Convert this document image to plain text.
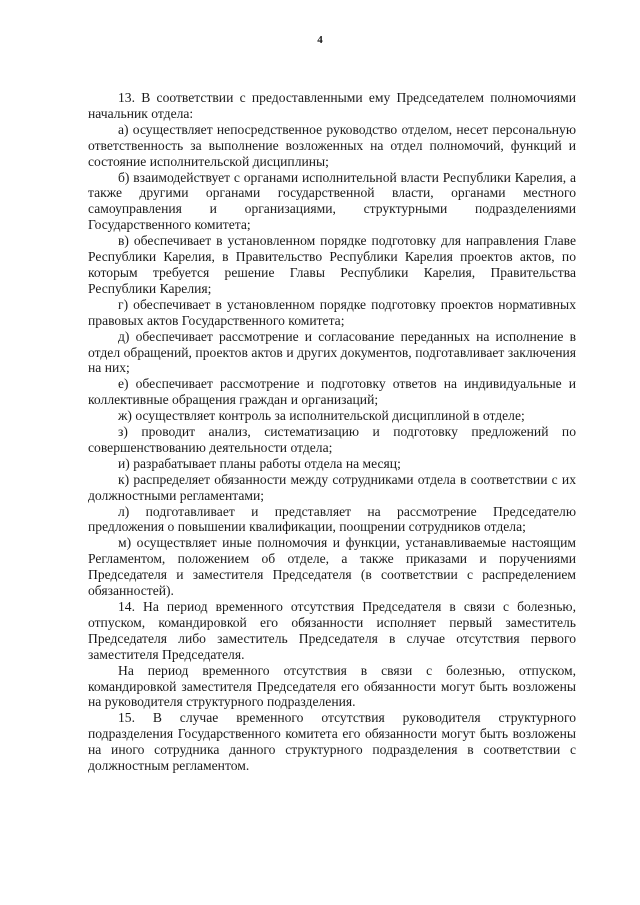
4

13. В соответствии с предоставленными ему Председателем полномочиями начальник отдела:

а) осуществляет непосредственное руководство отделом, несет персональную ответственность за выполнение возложенных на отдел полномочий, функций и состояние исполнительской дисциплины;

б) взаимодействует с органами исполнительной власти Республики Карелия, а также другими органами государственной власти, органами местного самоуправления и организациями, структурными подразделениями Государственного комитета;

в) обеспечивает в установленном порядке подготовку для направления Главе Республики Карелия, в Правительство Республики Карелия проектов актов, по которым требуется решение Главы Республики Карелия, Правительства Республики Карелия;

г) обеспечивает в установленном порядке подготовку проектов нормативных правовых актов Государственного комитета;

д) обеспечивает рассмотрение и согласование переданных на исполнение в отдел обращений, проектов актов и других документов, подготавливает заключения на них;

е) обеспечивает рассмотрение и подготовку ответов на индивидуальные и коллективные обращения граждан и организаций;

ж) осуществляет контроль за исполнительской дисциплиной в отделе;

з) проводит анализ, систематизацию и подготовку предложений по совершенствованию деятельности отдела;

и) разрабатывает планы работы отдела на месяц;

к) распределяет обязанности между сотрудниками отдела в соответствии с их должностными регламентами;

л) подготавливает и представляет на рассмотрение Председателю предложения о повышении квалификации, поощрении сотрудников отдела;

м) осуществляет иные полномочия и функции, устанавливаемые настоящим Регламентом, положением об отделе, а также приказами и поручениями Председателя и заместителя Председателя (в соответствии с распределением обязанностей).

14. На период временного отсутствия Председателя в связи с болезнью, отпуском, командировкой его обязанности исполняет первый заместитель Председателя либо заместитель Председателя в случае отсутствия первого заместителя Председателя.

На период временного отсутствия в связи с болезнью, отпуском, командировкой заместителя Председателя его обязанности могут быть возложены на руководителя структурного подразделения.

15. В случае временного отсутствия руководителя структурного подразделения Государственного комитета его обязанности могут быть возложены на иного сотрудника данного структурного подразделения в соответствии с должностным регламентом.
